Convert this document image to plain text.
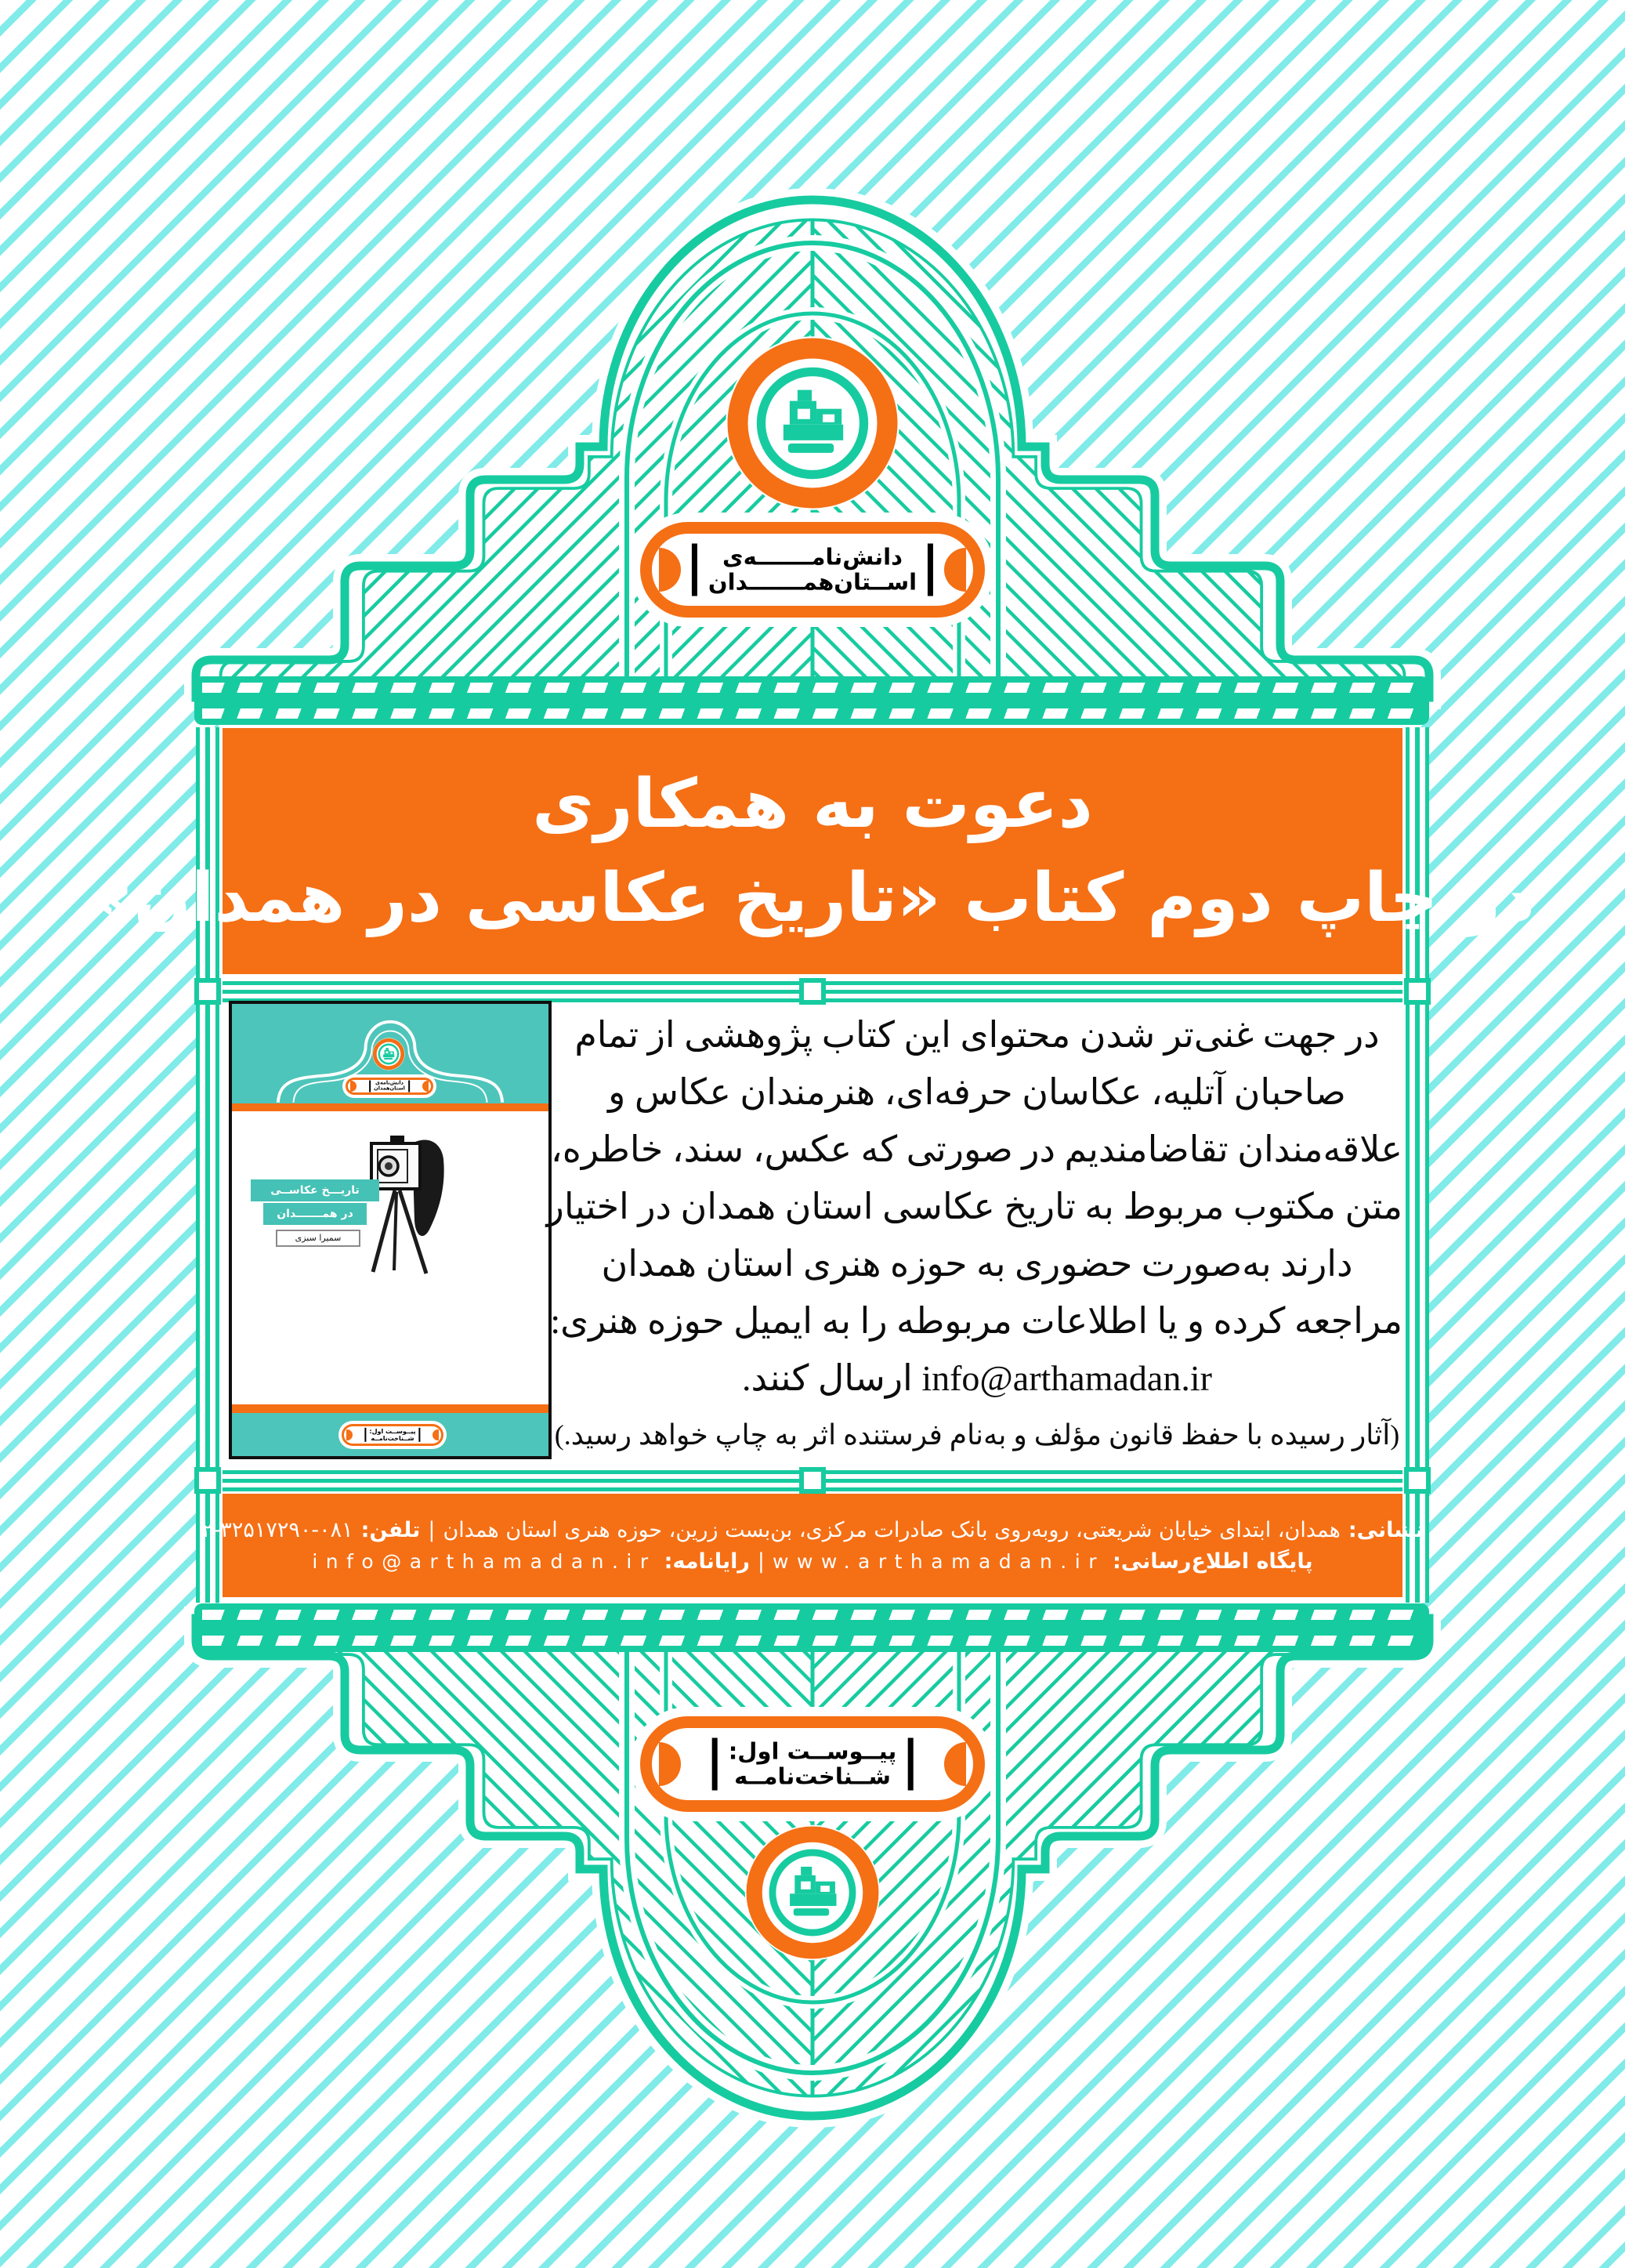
دانش‌نامـــــــه‌ی
اســتان‌همـــــــدان
دعوت به همکاری
در چاپ دوم کتاب «تاریخ عکاسی در همدان»
دانش‌نامه‌ی
استان‌همدان
تاریـــخ عکاســی
در همـــــــدان
سمیرا سبزی
پیــوســت اول:
شــناخت‌نامــه
در جهت غنی‌تر شدن محتوای این کتاب پژوهشی از تمام
صاحبان آتلیه، عکاسان حرفه‌ای، هنرمندان عکاس و
علاقه‌مندان تقاضامندیم در صورتی که عکس، سند، خاطره،
متن مکتوب مربوط به تاریخ عکاسی استان همدان در اختیار
دارند به‌صورت حضوری به حوزه هنری استان همدان
مراجعه کرده و یا اطلاعات مربوطه را به ایمیل حوزه هنری:
info@arthamadan.ir ارسال کنند.
(آثار رسیده با حفظ قانون مؤلف و به‌نام فرستنده اثر به چاپ خواهد رسید.)
نشانی:
همدان، ابتدای خیابان شریعتی، روبه‌روی بانک صادرات مرکزی، بن‌بست زرین، حوزه هنری استان همدان
|
تلفن:
۲-۳۲۵۱۷۲۹۰-۰۸۱
پایگاه اطلاع‌رسانی:
www.arthamadan.ir
|
رایانامه:
info@arthamadan.ir
پیــوســت اول:
شــناخت‌نامــه
